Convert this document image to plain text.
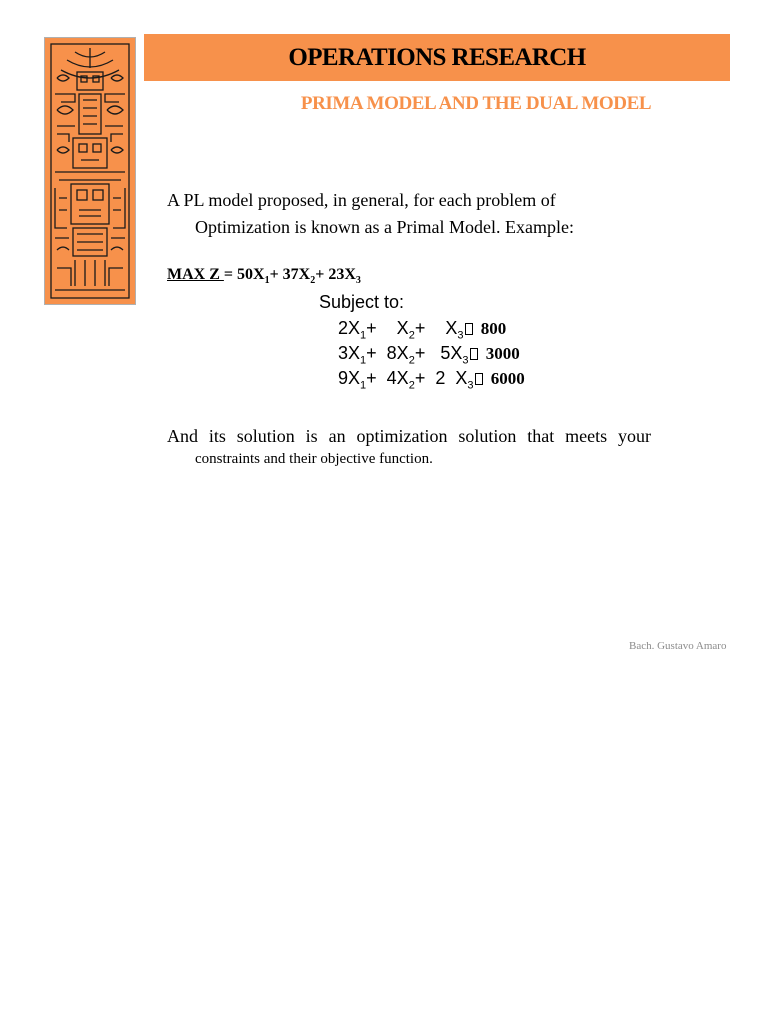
OPERATIONS RESEARCH
PRIMA MODEL AND THE DUAL MODEL
A PL model proposed, in general, for each problem of
Optimization is known as a Primal Model. Example:
MAX $Z = 50X_1+ 37X_2+ 23X_3$
Subject to:
$2X_1+$    $X_2+$    $X_3$ 800
$3X_1+ 8X_2+ 5X_3$ 3000
$9X_1+ 4X_2+ 2$  $X_3$ 6000
And its solution is an optimization solution that meets your
constraints and their objective function.
Bach. Gustavo Amaro
